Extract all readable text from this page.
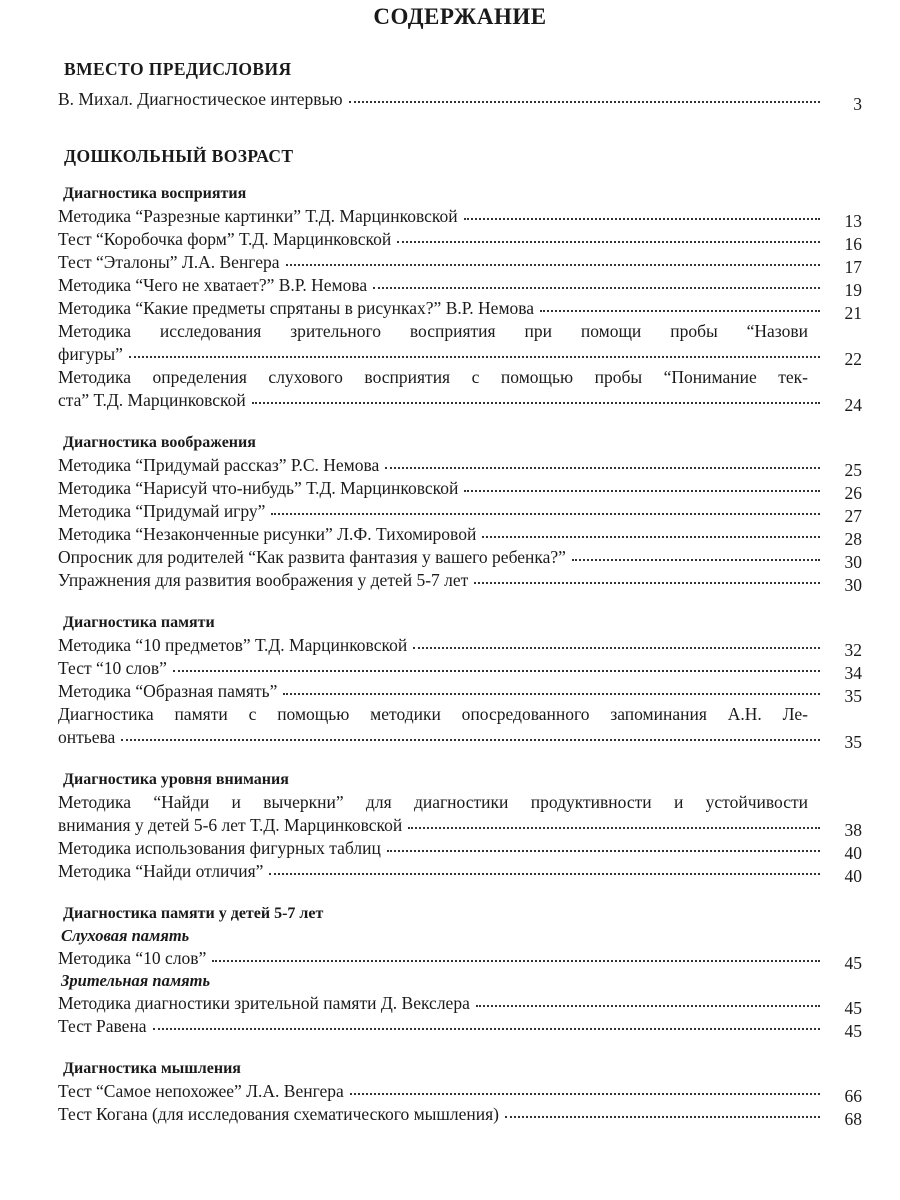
СОДЕРЖАНИЕ
ВМЕСТО ПРЕДИСЛОВИЯ
В. Михал. Диагностическое интервью	3
ДОШКОЛЬНЫЙ ВОЗРАСТ
Диагностика восприятия
Методика “Разрезные картинки” Т.Д. Марцинковской	13
Тест “Коробочка форм” Т.Д. Марцинковской	16
Тест “Эталоны” Л.А. Венгера	17
Методика “Чего не хватает?” В.Р. Немова	19
Методика “Какие предметы спрятаны в рисунках?” В.Р. Немова	21
Методика исследования зрительного восприятия при помощи пробы “Назови
фигуры”	22
Методика определения слухового восприятия с помощью пробы “Понимание тек-
ста” Т.Д. Марцинковской	24
Диагностика воображения
Методика “Придумай рассказ” Р.С. Немова	25
Методика “Нарисуй что-нибудь” Т.Д. Марцинковской	26
Методика “Придумай игру”	27
Методика “Незаконченные рисунки” Л.Ф. Тихомировой	28
Опросник для родителей “Как развита фантазия у вашего ребенка?”	30
Упражнения для развития воображения у детей 5-7 лет	30
Диагностика памяти
Методика “10 предметов” Т.Д. Марцинковской	32
Тест “10 слов”	34
Методика “Образная память”	35
Диагностика памяти с помощью методики опосредованного запоминания А.Н. Ле-
онтьева	35
Диагностика уровня внимания
Методика “Найди и вычеркни” для диагностики продуктивности и устойчивости
внимания у детей 5-6 лет Т.Д. Марцинковской	38
Методика использования фигурных таблиц	40
Методика “Найди отличия”	40
Диагностика памяти у детей 5-7 лет
Слуховая память
Методика “10 слов”	45
Зрительная память
Методика диагностики зрительной памяти Д. Векслера	45
Тест Равена	45
Диагностика мышления
Тест “Самое непохожее” Л.А. Венгера	66
Тест Когана (для исследования схематического мышления)	68
